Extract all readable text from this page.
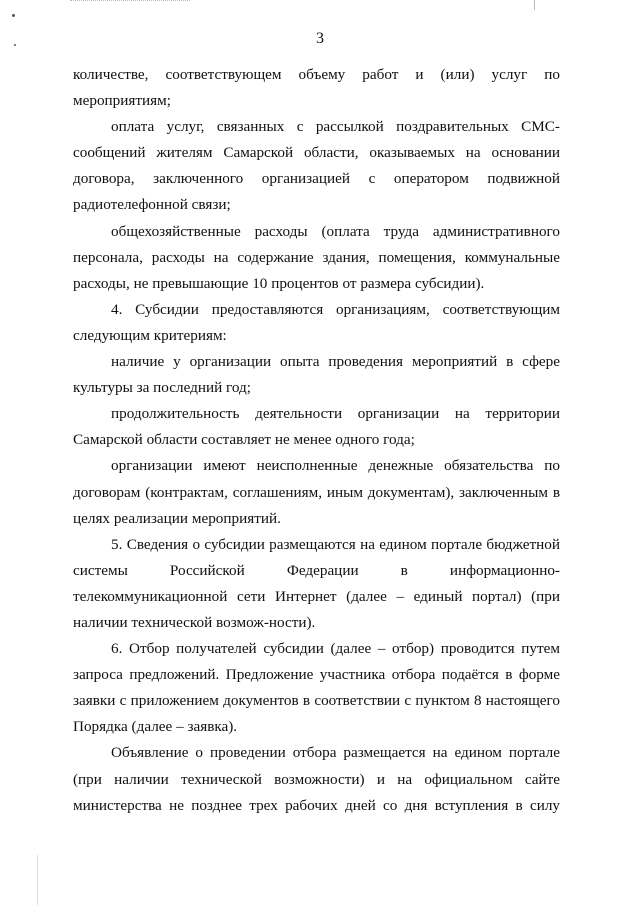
3

количестве, соответствующем объему работ и (или) услуг по мероприятиям;

оплата услуг, связанных с рассылкой поздравительных СМС-сообщений жителям Самарской области, оказываемых на основании договора, заключенного организацией с оператором подвижной радиотелефонной связи;

общехозяйственные расходы (оплата труда административного персонала, расходы на содержание здания, помещения, коммунальные расходы, не превышающие 10 процентов от размера субсидии).

4. Субсидии предоставляются организациям, соответствующим следующим критериям:

наличие у организации опыта проведения мероприятий в сфере культуры за последний год;

продолжительность деятельности организации на территории Самарской области составляет не менее одного года;

организации имеют неисполненные денежные обязательства по договорам (контрактам, соглашениям, иным документам), заключенным в целях реализации мероприятий.

5. Сведения о субсидии размещаются на едином портале бюджетной системы Российской Федерации в информационно-телекоммуникационной сети Интернет (далее – единый портал) (при наличии технической возмож-ности).

6. Отбор получателей субсидии (далее – отбор) проводится путем запроса предложений. Предложение участника отбора подаётся в форме заявки с приложением документов в соответствии с пунктом 8 настоящего Порядка (далее – заявка).

Объявление о проведении отбора размещается на едином портале (при наличии технической возможности) и на официальном сайте министерства не позднее трех рабочих дней со дня вступления в силу
